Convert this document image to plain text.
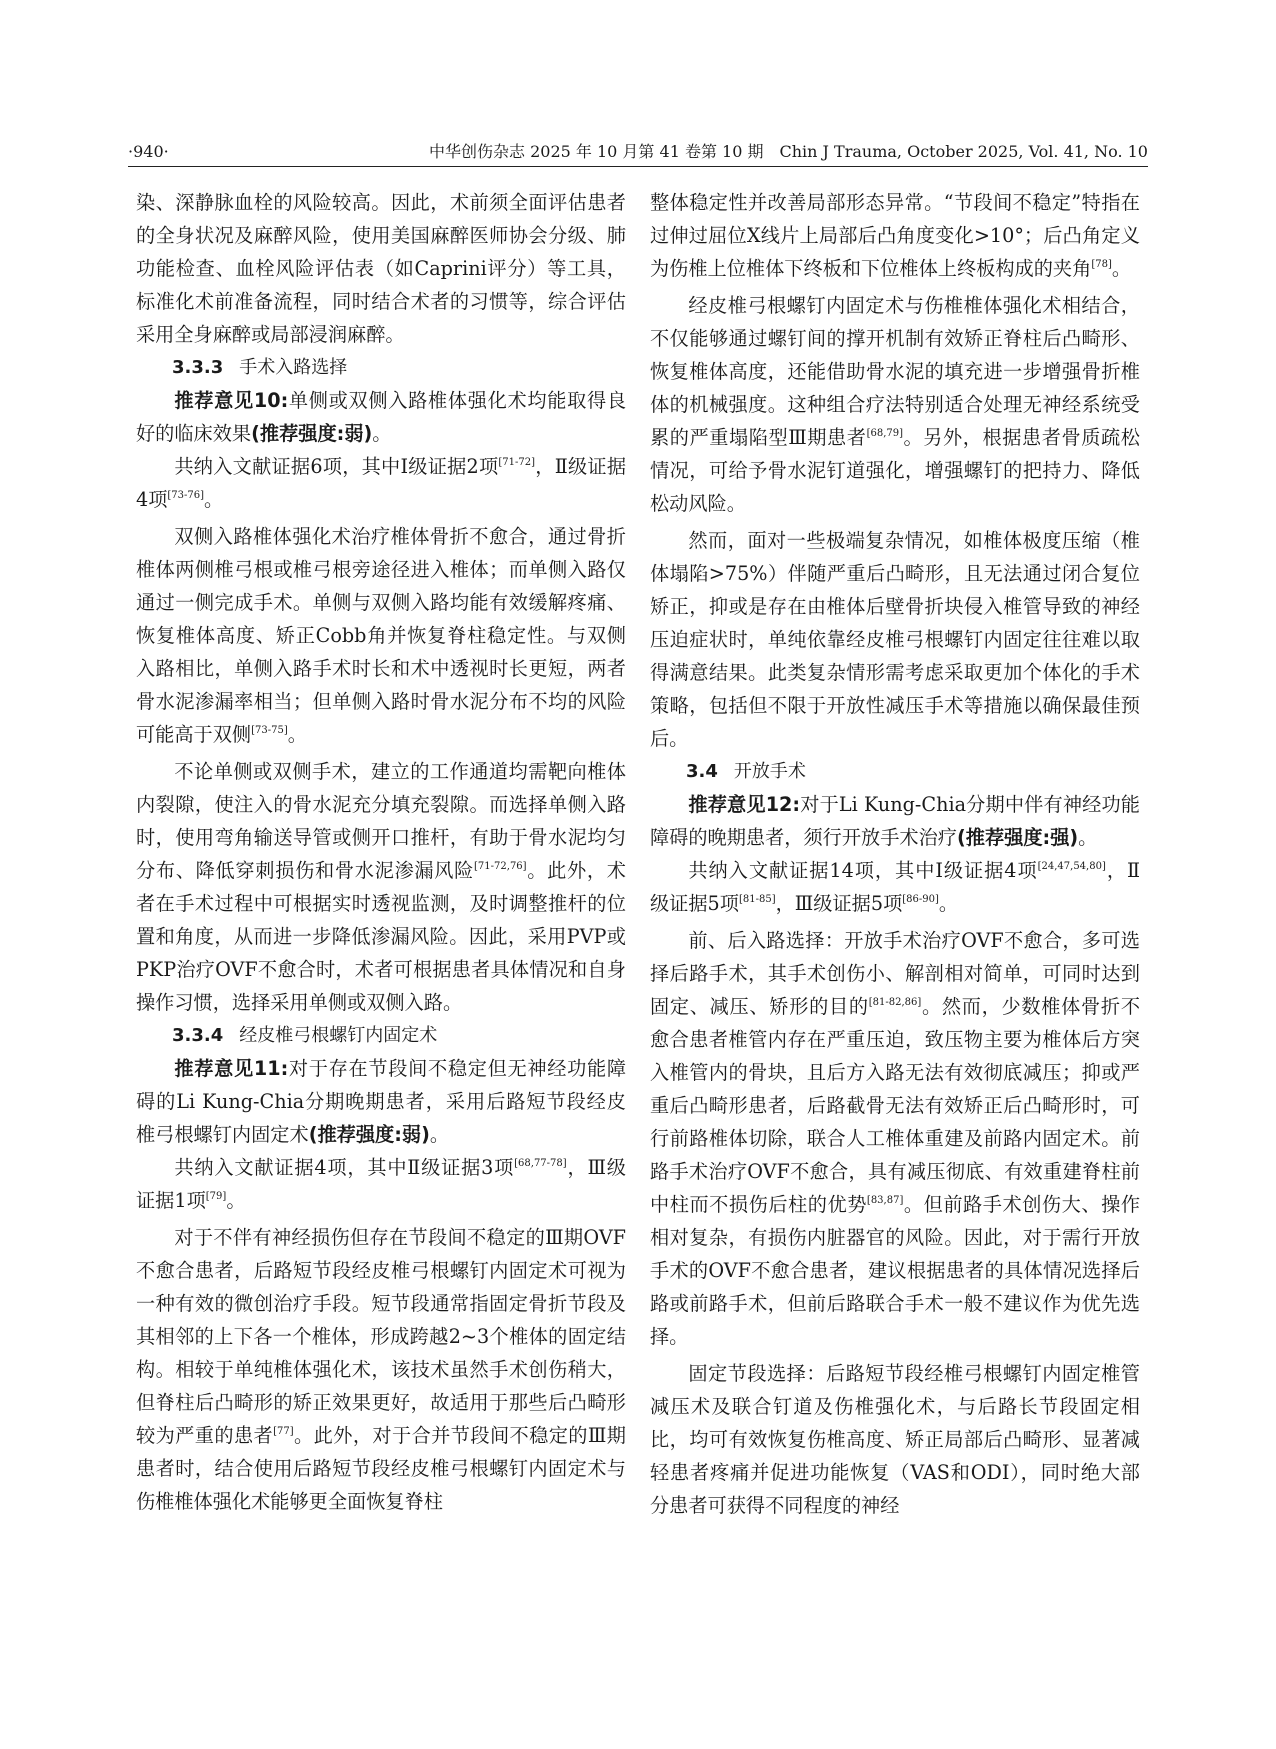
·940·	中华创伤杂志 2025 年 10 月第 41 卷第 10 期　Chin J Trauma, October 2025, Vol. 41, No. 10

染、深静脉血栓的风险较高。因此，术前须全面评估患者的全身状况及麻醉风险，使用美国麻醉医师协会分级、肺功能检查、血栓风险评估表（如Caprini评分）等工具，标准化术前准备流程，同时结合术者的习惯等，综合评估采用全身麻醉或局部浸润麻醉。

3.3.3 手术入路选择

推荐意见10:单侧或双侧入路椎体强化术均能取得良好的临床效果(推荐强度:弱)。

共纳入文献证据6项，其中Ⅰ级证据2项[71-72]，Ⅱ级证据4项[73-76]。

双侧入路椎体强化术治疗椎体骨折不愈合，通过骨折椎体两侧椎弓根或椎弓根旁途径进入椎体；而单侧入路仅通过一侧完成手术。单侧与双侧入路均能有效缓解疼痛、恢复椎体高度、矫正Cobb角并恢复脊柱稳定性。与双侧入路相比，单侧入路手术时长和术中透视时长更短，两者骨水泥渗漏率相当；但单侧入路时骨水泥分布不均的风险可能高于双侧[73-75]。

不论单侧或双侧手术，建立的工作通道均需靶向椎体内裂隙，使注入的骨水泥充分填充裂隙。而选择单侧入路时，使用弯角输送导管或侧开口推杆，有助于骨水泥均匀分布、降低穿刺损伤和骨水泥渗漏风险[71-72,76]。此外，术者在手术过程中可根据实时透视监测，及时调整推杆的位置和角度，从而进一步降低渗漏风险。因此，采用PVP或PKP治疗OVF不愈合时，术者可根据患者具体情况和自身操作习惯，选择采用单侧或双侧入路。

3.3.4 经皮椎弓根螺钉内固定术

推荐意见11:对于存在节段间不稳定但无神经功能障碍的Li Kung-Chia分期晚期患者，采用后路短节段经皮椎弓根螺钉内固定术(推荐强度:弱)。

共纳入文献证据4项，其中Ⅱ级证据3项[68,77-78]，Ⅲ级证据1项[79]。

对于不伴有神经损伤但存在节段间不稳定的Ⅲ期OVF不愈合患者，后路短节段经皮椎弓根螺钉内固定术可视为一种有效的微创治疗手段。短节段通常指固定骨折节段及其相邻的上下各一个椎体，形成跨越2~3个椎体的固定结构。相较于单纯椎体强化术，该技术虽然手术创伤稍大，但脊柱后凸畸形的矫正效果更好，故适用于那些后凸畸形较为严重的患者[77]。此外，对于合并节段间不稳定的Ⅲ期患者时，结合使用后路短节段经皮椎弓根螺钉内固定术与伤椎椎体强化术能够更全面恢复脊柱

整体稳定性并改善局部形态异常。“节段间不稳定”特指在过伸过屈位X线片上局部后凸角度变化>10°；后凸角定义为伤椎上位椎体下终板和下位椎体上终板构成的夹角[78]。

经皮椎弓根螺钉内固定术与伤椎椎体强化术相结合，不仅能够通过螺钉间的撑开机制有效矫正脊柱后凸畸形、恢复椎体高度，还能借助骨水泥的填充进一步增强骨折椎体的机械强度。这种组合疗法特别适合处理无神经系统受累的严重塌陷型Ⅲ期患者[68,79]。另外，根据患者骨质疏松情况，可给予骨水泥钉道强化，增强螺钉的把持力、降低松动风险。

然而，面对一些极端复杂情况，如椎体极度压缩（椎体塌陷>75%）伴随严重后凸畸形，且无法通过闭合复位矫正，抑或是存在由椎体后壁骨折块侵入椎管导致的神经压迫症状时，单纯依靠经皮椎弓根螺钉内固定往往难以取得满意结果。此类复杂情形需考虑采取更加个体化的手术策略，包括但不限于开放性减压手术等措施以确保最佳预后。

3.4 开放手术

推荐意见12:对于Li Kung-Chia分期中伴有神经功能障碍的晚期患者，须行开放手术治疗(推荐强度:强)。

共纳入文献证据14项，其中Ⅰ级证据4项[24,47,54,80]，Ⅱ级证据5项[81-85]，Ⅲ级证据5项[86-90]。

前、后入路选择：开放手术治疗OVF不愈合，多可选择后路手术，其手术创伤小、解剖相对简单，可同时达到固定、减压、矫形的目的[81-82,86]。然而，少数椎体骨折不愈合患者椎管内存在严重压迫，致压物主要为椎体后方突入椎管内的骨块，且后方入路无法有效彻底减压；抑或严重后凸畸形患者，后路截骨无法有效矫正后凸畸形时，可行前路椎体切除，联合人工椎体重建及前路内固定术。前路手术治疗OVF不愈合，具有减压彻底、有效重建脊柱前中柱而不损伤后柱的优势[83,87]。但前路手术创伤大、操作相对复杂，有损伤内脏器官的风险。因此，对于需行开放手术的OVF不愈合患者，建议根据患者的具体情况选择后路或前路手术，但前后路联合手术一般不建议作为优先选择。

固定节段选择：后路短节段经椎弓根螺钉内固定椎管减压术及联合钉道及伤椎强化术，与后路长节段固定相比，均可有效恢复伤椎高度、矫正局部后凸畸形、显著减轻患者疼痛并促进功能恢复（VAS和ODI），同时绝大部分患者可获得不同程度的神经
